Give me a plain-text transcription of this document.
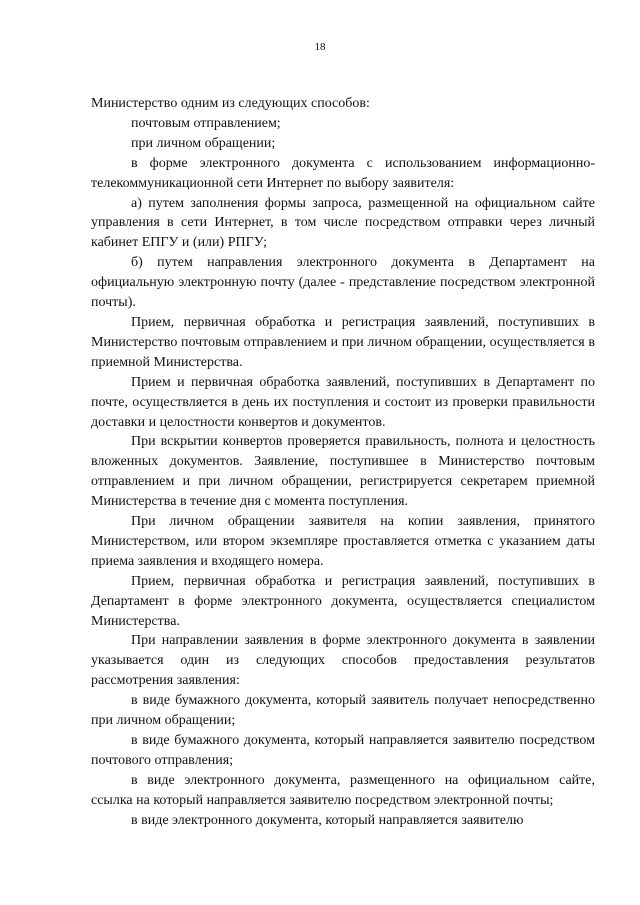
18

Министерство одним из следующих способов:

почтовым отправлением;

при личном обращении;

в форме электронного документа с использованием информационно-телекоммуникационной сети Интернет по выбору заявителя:

а) путем заполнения формы запроса, размещенной на официальном сайте управления в сети Интернет, в том числе посредством отправки через личный кабинет ЕПГУ и (или) РПГУ;

б) путем направления электронного документа в Департамент на официальную электронную почту (далее - представление посредством электронной почты).

Прием, первичная обработка и регистрация заявлений, поступивших в Министерство почтовым отправлением и при личном обращении, осуществляется в приемной Министерства.

Прием и первичная обработка заявлений, поступивших в Департамент по почте, осуществляется в день их поступления и состоит из проверки правильности доставки и целостности конвертов и документов.

При вскрытии конвертов проверяется правильность, полнота и целостность вложенных документов. Заявление, поступившее в Министерство почтовым отправлением и при личном обращении, регистрируется секретарем приемной Министерства в течение дня с момента поступления.

При личном обращении заявителя на копии заявления, принятого Министерством, или втором экземпляре проставляется отметка с указанием даты приема заявления и входящего номера.

Прием, первичная обработка и регистрация заявлений, поступивших в Департамент в форме электронного документа, осуществляется специалистом Министерства.

При направлении заявления в форме электронного документа в заявлении указывается один из следующих способов предоставления результатов рассмотрения заявления:

в виде бумажного документа, который заявитель получает непосредственно при личном обращении;

в виде бумажного документа, который направляется заявителю посредством почтового отправления;

в виде электронного документа, размещенного на официальном сайте, ссылка на который направляется заявителю посредством электронной почты;

в виде электронного документа, который направляется заявителю
